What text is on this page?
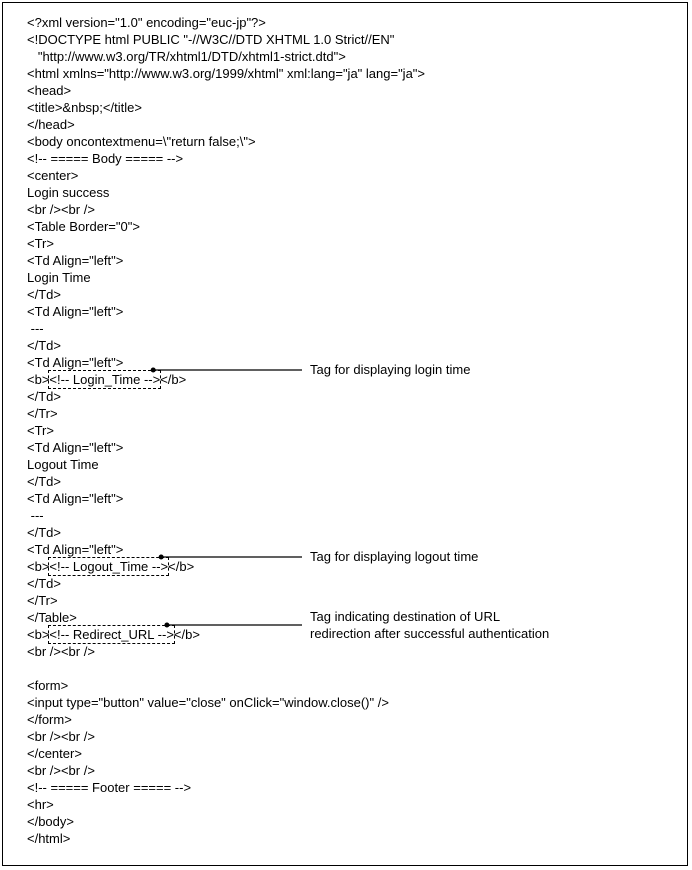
<?xml version="1.0" encoding="euc-jp"?>
<!DOCTYPE html PUBLIC "-//W3C//DTD XHTML 1.0 Strict//EN"
"http://www.w3.org/TR/xhtml1/DTD/xhtml1-strict.dtd">
<html xmlns="http://www.w3.org/1999/xhtml" xml:lang="ja" lang="ja">
<head>
<title>&nbsp;</title>
</head>
<body oncontextmenu=\"return false;\">
<!-- ===== Body ===== -->
<center>
Login success
<br /><br />
<Table Border="0">
<Tr>
<Td Align="left">
Login Time
</Td>
<Td Align="left">
---
</Td>
<Td Align="left">
<b><!-- Login_Time --></b>
</Td>
</Tr>
<Tr>
<Td Align="left">
Logout Time
</Td>
<Td Align="left">
---
</Td>
<Td Align="left">
<b><!-- Logout_Time --></b>
</Td>
</Tr>
</Table>
<b><!-- Redirect_URL --></b>
<br /><br />
<form>
<input type="button" value="close" onClick="window.close()" />
</form>
<br /><br />
</center>
<br /><br />
<!-- ===== Footer ===== -->
<hr>
</body>
</html>
Tag for displaying login time
Tag for displaying logout time
Tag indicating destination of URL
redirection after successful authentication
